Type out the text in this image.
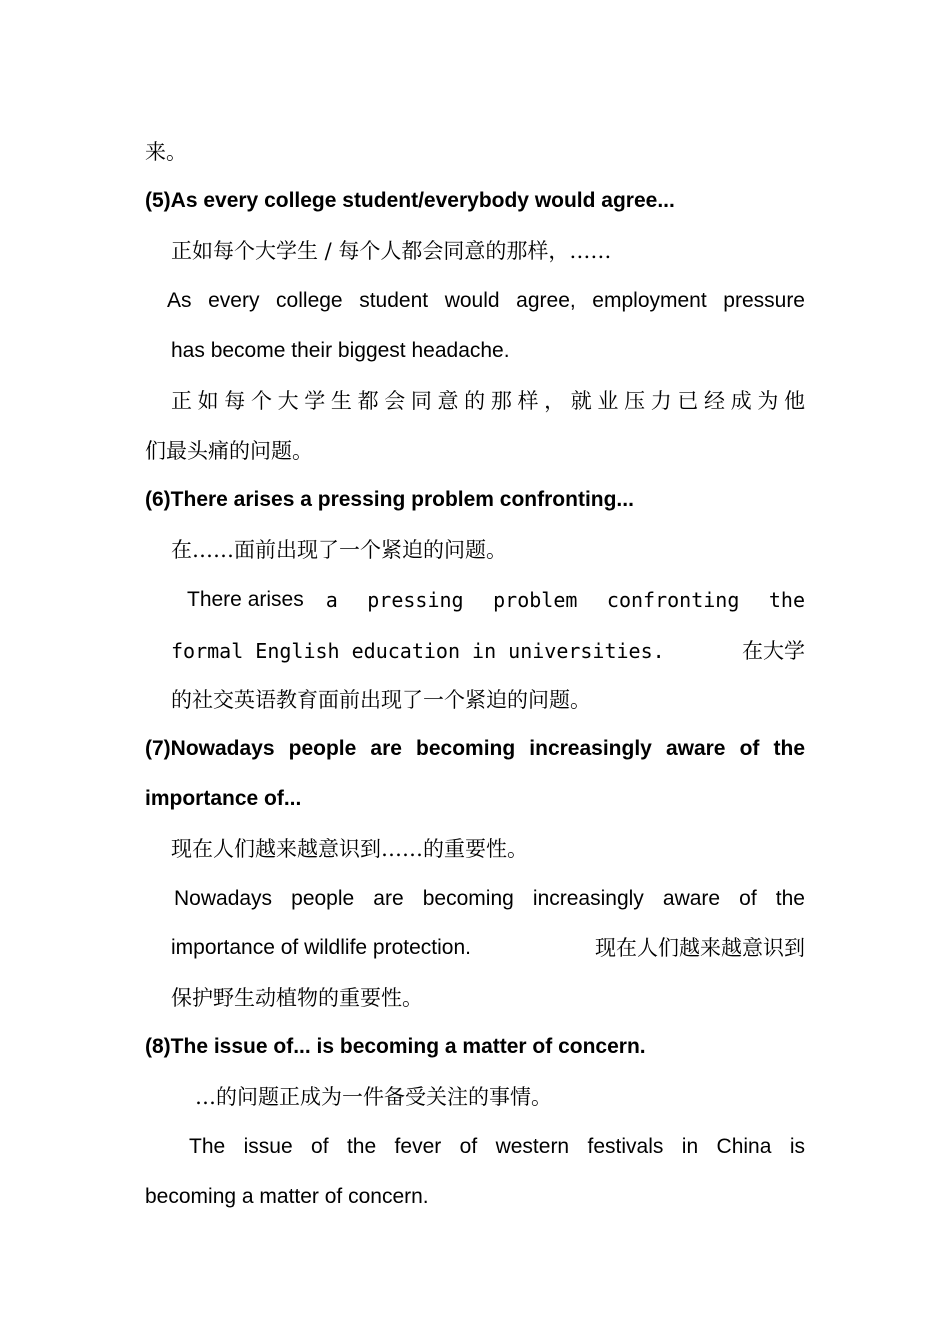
来。
(5)As every college student/everybody would agree...
正如每个大学生 / 每个人都会同意的那样，……
As every college student would agree, employment pressure
has become their biggest headache.
正如每个大学生都会同意的那样，就业压力已经成为他
们最头痛的问题。
(6)There arises a pressing problem confronting...
在……面前出现了一个紧迫的问题。
There arises a pressing problem confronting the
formal English education in universities.	在大学
的社交英语教育面前出现了一个紧迫的问题。
(7)Nowadays people are becoming increasingly aware of the
importance of...
现在人们越来越意识到……的重要性。
Nowadays people are becoming increasingly aware of the
importance of wildlife protection.	现在人们越来越意识到
保护野生动植物的重要性。
(8)The issue of... is becoming a matter of concern.
…的问题正成为一件备受关注的事情。
The issue of the fever of western festivals in China is
becoming a matter of concern.
